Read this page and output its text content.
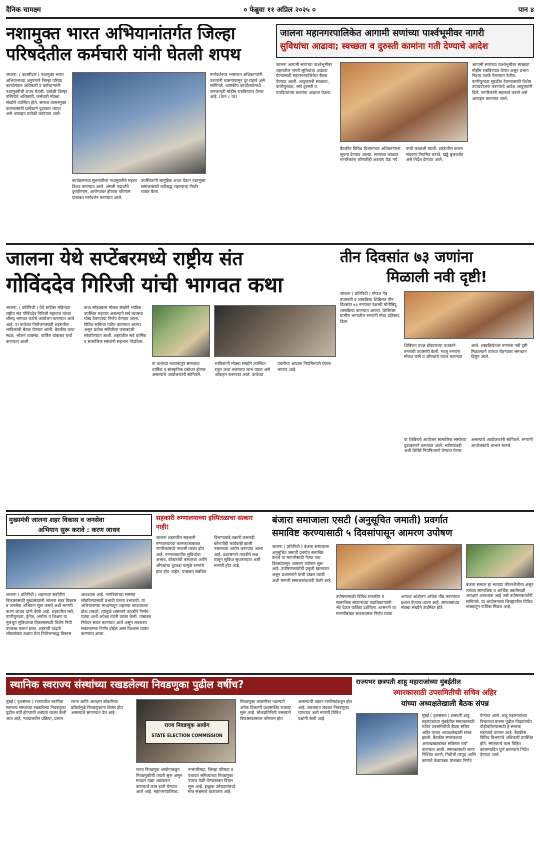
दैनिक चामक्ष्म	० फेब्रुवा ११ अप्रिल २०२५ ०	पान ४
नशामुक्त भारत अभियानांतर्गत जिल्हा परिषदेतील कर्मचारी यांनी घेतली शपथ
जालना, ( बातमीदार ) नशामुक्त भारत अभियानाच्या अनुषंगाने जिल्हा परिषद कार्यालयात अधिकारी व कर्मचाऱ्यांनी नशामुक्तीची शपथ घेतली. यावेळी जिल्हा परिषदेचे अधिकारी, कर्मचारी मोठ्या संख्येने उपस्थित होते. समाज व्यसनमुक्त करण्यासाठी प्रत्येकाने पुढाकार घ्यावा असे आवाहन यावेळी करण्यात आले.
कार्यक्रमाच्या सुरुवातीला नशामुक्तीचे महत्त्व विशद करण्यात आले. अंमली पदार्थांचे दुष्परिणाम, आरोग्यावर होणारा परिणाम याबाबत मार्गदर्शन करण्यात आले. उपस्थितांनी सामूहिक शपथ घेऊन नशामुक्त समाजासाठी कटिबद्ध राहण्याचा निर्धार व्यक्त केला.
मार्गदर्शनपर भाषणात अधिकाऱ्यांनी तरुणांनी व्यसनांपासून दूर राहावे असे सांगितले. शासकीय कार्यालयांमध्ये जनजागृती मोहीम राबविण्यात येणार आहे. (पान ८ वर)
जालना महानगरपालिकेत आगामी सणांच्या पार्श्वभूमीवर नागरी
सुविधांचा आढावा; स्वच्छता व दुरुस्ती कामांना गती देण्याचे आदेश
जालना आगामी सणांच्या पार्श्वभूमीवर शहरातील नागरी सुविधांचा आढावा घेण्यासाठी महानगरपालिकेत बैठक घेण्यात आली. आयुक्तांनी स्वच्छता, पाणीपुरवठा, रस्ते दुरुस्ती व पथदिव्यांच्या कामांचा आढावा घेतला.
बैठकीत विविध विभागांच्या अधिकाऱ्यांना सूचना देण्यात आल्या. सणाच्या काळात नागरिकांना कोणतीही अडचण येऊ नये याची काळजी घ्यावी. शहरातील कचरा संकलन नियमित करावे, खड्डे बुजवावेत असे निर्देश देण्यात आले.
आगामी सणांच्या पार्श्वभूमीवर स्वच्छता मोहीम राबविण्यात येणार असून प्रभाग निहाय पथके नेमण्यात येतील. पाणीपुरवठा सुरळीत ठेवण्यासाठी विशेष उपाययोजना करण्याचे आदेश आयुक्तांनी दिले. नागरिकांनी सहकार्य करावे असे आवाहन करण्यात आले.
जालना येथे सप्टेंबरमध्ये राष्ट्रीय संत
गोविंददेव गिरिजी यांची भागवत कथा
जालना, ( प्रतिनिधी ) येथे सप्टेंबर महिन्यात राष्ट्रीय संत गोविंददेव गिरिजी महाराज यांच्या श्रीमद् भागवत कथेचे आयोजन करण्यात आले आहे. या कथेच्या नियोजनासाठी शहरातील भाविकांची बैठक घेण्यात आली. बैठकीत कथा स्थळ, भोजन व्यवस्था, पार्किंग यांबाबत चर्चा करण्यात आली.
कथा सोहळ्यास मोठ्या संख्येने भाविक उपस्थित राहणार असल्याने सर्व व्यवस्था चोख ठेवण्याचा निर्णय घेण्यात आला. विविध समित्या गठीत करण्यात आल्या असून प्रत्येक समितीला जबाबदारी सोपविण्यात आली. शहरातील सर्व धार्मिक व सामाजिक संस्थांनी सहभाग नोंदविला.
या कथेच्या माध्यमातून समाजात धार्मिक व सांस्कृतिक प्रबोधन होणार असल्याचे आयोजकांनी सांगितले. भाविकांनी मोठ्या संख्येने उपस्थित राहून कथा श्रवणाचा लाभ घ्यावा असे आवाहन करण्यात आले. कथेच्या तयारीचा आढावा नियमितपणे घेतला जाणार आहे.
तीन दिवसांत ७३ जणांना
मिळाली नवी दृष्टी!
जालना ( प्रतिनिधी ) मोफत नेत्र तपासणी व शस्त्रक्रिया शिबिरात तीन दिवसांत ७३ रुग्णांवर यशस्वी मोतीबिंदू शस्त्रक्रिया करण्यात आल्या. शिबिरास ग्रामीण भागातील रुग्णांनी मोठा प्रतिसाद दिला.
शिबिरात तज्ज्ञ डॉक्टरांच्या पथकाने रुग्णांची तपासणी केली. गरजू रुग्णांना मोफत चष्मे व औषधांचे वाटप करण्यात आले. शस्त्रक्रियेनंतर रुग्णांना नवी दृष्टी मिळाल्याने त्यांच्या चेहऱ्यावर समाधान दिसून आले.
या शिबिराचे आयोजन सामाजिक संस्थेच्या पुढाकाराने करण्यात आले. भविष्यातही अशी शिबिरे नियमितपणे घेण्यात येणार असल्याचे आयोजकांनी सांगितले. रुग्णांनी आयोजकांचे आभार मानले.
मुख्यमंत्री जालना शहर विकास व जनसेवा
अभियान सुरू करावे : करण जाधव
जालना ( प्रतिनिधी ) शहराच्या सर्वांगीण विकासासाठी मुख्यमंत्र्यांनी जालना शहर विकास व जनसेवा अभियान सुरू करावे अशी मागणी करण जाधव यांनी केली आहे. शहरातील रस्ते, पाणीपुरवठा, ड्रेनेज, आरोग्य व शिक्षण या मूलभूत सुविधांच्या विकासासाठी विशेष निधी उपलब्ध करून द्यावा. शहराची वाढती लोकसंख्या लक्षात घेता नियोजनबद्ध विकास आवश्यक आहे. नागरिकांच्या समस्या सोडविण्यासाठी प्रभावी यंत्रणा उभारावी. या अभियानाच्या माध्यमातून शहराचा कायापालट होऊ शकतो, त्यामुळे शासनाने तातडीने निर्णय घ्यावा अशी अपेक्षा त्यांनी व्यक्त केली. याबाबत निवेदन सादर करण्यात आले असून लवकरच सकारात्मक निर्णय होईल असा विश्वास व्यक्त करण्यात आला.
सहकारी रुग्णालयाच्या इस्पितळाचा सत्कार नाही!
जालना शहरातील सहकारी रुग्णालयाच्या कामकाजाबाबत नागरिकांमध्ये नाराजी व्यक्त होत आहे. रुग्णालयातील सुविधांचा अभाव, डॉक्टरांची कमतरता आणि औषधांचा तुटवडा यामुळे रुग्णांचे हाल होत आहेत. याबाबत संबंधित विभागाकडे तक्रारी करूनही कोणतीही कार्यवाही झाली नसल्याचा आरोप करण्यात आला आहे. प्रशासनाने तातडीने लक्ष घालून सुविधा सुधाराव्यात अशी मागणी होत आहे.
बंजारा समाजाला एसटी (अनुसूचित जमाती) प्रवर्गात
समाविष्ट करण्यासाठी ५ दिवसांपासून आमरण उपोषण
जालना ( प्रतिनिधी ) बंजारा समाजाला अनुसूचित जमाती प्रवर्गात समाविष्ट करावे या मागणीसाठी गेल्या पाच दिवसांपासून आमरण उपोषण सुरू आहे. उपोषणकर्त्यांची प्रकृती खालावत असून प्रशासनाने याची दखल घ्यावी अशी मागणी समाजबांधवांनी केली आहे.
उपोषणस्थळी विविध राजकीय व सामाजिक संघटनांच्या पदाधिकाऱ्यांनी भेट देऊन पाठिंबा दर्शविला. शासनाने या मागणीबाबत सकारात्मक निर्णय घ्यावा अन्यथा आंदोलन अधिक तीव्र करण्याचा इशारा देण्यात आला आहे. समाजबांधव मोठ्या संख्येने उपस्थित होते.
बंजारा समाज हा भटक्या जीवनशैलीचा असून त्यांच्या सामाजिक व आर्थिक उन्नतीसाठी आरक्षण आवश्यक आहे असे उपोषणकर्त्यांनी सांगितले. या आंदोलनाला जिल्ह्यातील विविध तांड्यांतून पाठिंबा मिळत आहे.
स्थानिक स्वराज्य संस्थांच्या रखडलेल्या निवडणुका पुढील वर्षीच?
मुंबई ( वृत्तसंस्था ) राज्यातील स्थानिक स्वराज्य संस्थांच्या रखडलेल्या निवडणुका पुढील वर्षी होण्याची शक्यता व्यक्त केली जात आहे. न्यायालयीन प्रक्रिया, प्रभाग रचना आणि आरक्षण सोडतीच्या प्रक्रियेमुळे निवडणुकांना विलंब होत असल्याचे सांगण्यात येत आहे.
राज्य निवडणूक आयोग
STATE ELECTION COMMISSION
राज्य निवडणूक आयोगाकडून निवडणुकीची तयारी सुरू असून मतदार याद्या अद्ययावत करण्याचे काम हाती घेण्यात आले आहे. महानगरपालिका, नगरपरिषदा, जिल्हा परिषदा व पंचायत समित्यांच्या निवडणुका एकाच वेळी घेण्याबाबत विचार सुरू आहे. इच्छुक उमेदवारांमध्ये मात्र संभ्रमाचे वातावरण आहे.
निवडणुका लांबणीवर पडल्याने अनेक ठिकाणी प्रशासकीय राजवट सुरू आहे. लोकप्रतिनिधी नसल्याने विकासकामांवर परिणाम होत असल्याची तक्रार नागरिकांकडून होत आहे. लवकरात लवकर निवडणुका घ्याव्यात अशी मागणी विविध पक्षांनी केली आहे.
राज्यभर छत्रपती शाहू महाराजांच्या मुंबईतील
स्मारकासाठी उपसमितीची सचिव अहिर
यांच्या अध्यक्षतेखाली बैठक संपन्न
मुंबई ( वृत्तसंस्था ) छत्रपती शाहू महाराजांच्या मुंबईतील स्मारकासाठी गठीत उपसमितीची बैठक सचिव अहिर यांच्या अध्यक्षतेखाली संपन्न झाली. बैठकीत स्मारकाच्या आराखड्याबाबत सविस्तर चर्चा करण्यात आली. स्मारकासाठी जागा निश्चित करणे, निधीची तरतूद आणि कामाचे वेळापत्रक याबाबत निर्णय घेण्यात आले. शाहू महाराजांच्या विचारांचा वारसा पुढील पिढ्यांपर्यंत पोहोचविण्यासाठी हे स्मारक महत्त्वाचे ठरणार आहे. बैठकीस विविध विभागांचे अधिकारी उपस्थित होते. स्मारकाचे काम विहित कालमर्यादेत पूर्ण करण्याचे निर्देश देण्यात आले.
